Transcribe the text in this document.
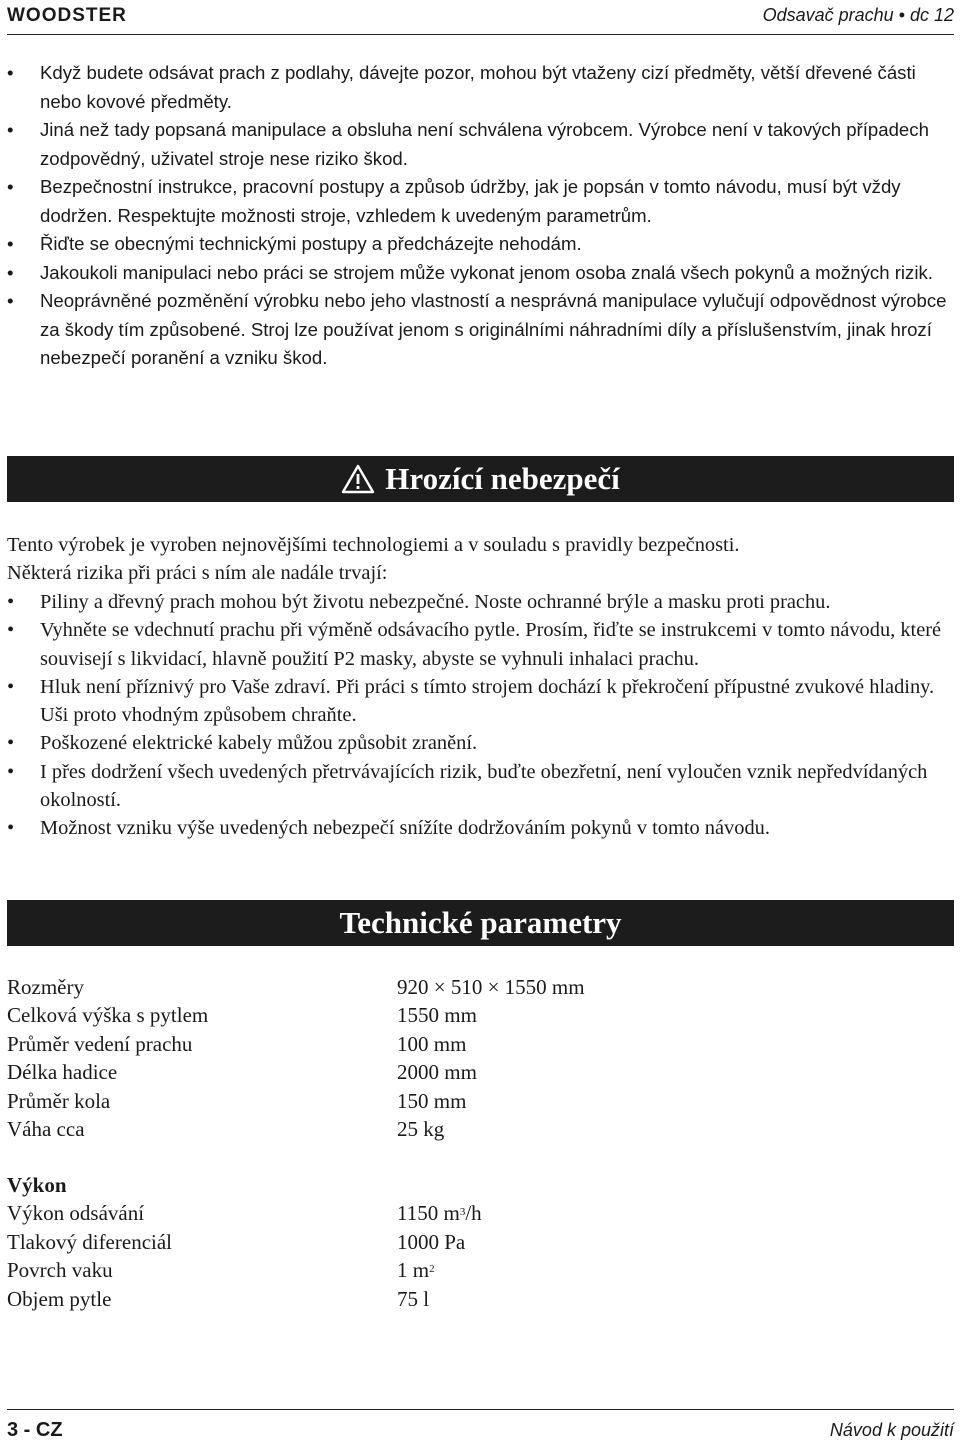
WOODSTER	Odsavač prachu • dc 12
• Když budete odsávat prach z podlahy, dávejte pozor, mohou být vtaženy cizí předměty, větší dřevené části nebo kovové předměty.
• Jiná než tady popsaná manipulace a obsluha není schválena výrobcem. Výrobce není v takových případech zodpovědný, uživatel stroje nese riziko škod.
• Bezpečnostní instrukce, pracovní postupy a způsob údržby, jak je popsán v tomto návodu, musí být vždy dodržen. Respektujte možnosti stroje, vzhledem k uvedeným parametrům.
• Řiďte se obecnými technickými postupy a předcházejte nehodám.
• Jakoukoli manipulaci nebo práci se strojem může vykonat jenom osoba znalá všech pokynů a možných rizik.
• Neoprávněné pozměnění výrobku nebo jeho vlastností a nesprávná manipulace vylučují odpovědnost výrobce za škody tím způsobené. Stroj lze používat jenom s originálními náhradními díly a příslušenstvím, jinak hrozí nebezpečí poranění a vzniku škod.
Hrozící nebezpečí
Tento výrobek je vyroben nejnovějšími technologiemi a v souladu s pravidly bezpečnosti.
Některá rizika při práci s ním ale nadále trvají:
• Piliny a dřevný prach mohou být životu nebezpečné. Noste ochranné brýle a masku proti prachu.
• Vyhněte se vdechnutí prachu při výměně odsávacího pytle. Prosím, řiďte se instrukcemi v tomto návodu, které souvisejí s likvidací, hlavně použití P2 masky, abyste se vyhnuli inhalaci prachu.
• Hluk není příznivý pro Vaše zdraví. Při práci s tímto strojem dochází k překročení přípustné zvukové hladiny. Uši proto vhodným způsobem chraňte.
• Poškozené elektrické kabely můžou způsobit zranění.
• I přes dodržení všech uvedených přetrvávajících rizik, buďte obezřetní, není vyloučen vznik nepředvídaných okolností.
• Možnost vzniku výše uvedených nebezpečí snížíte dodržováním pokynů v tomto návodu.
Technické parametry
Rozměry	920 × 510 × 1550 mm
Celková výška s pytlem	1550 mm
Průměr vedení prachu	100 mm
Délka hadice	2000 mm
Průměr kola	150 mm
Váha cca	25 kg
Výkon
Výkon odsávání	1150 $m^3/h$
Tlakový diferenciál	1000 Pa
Povrch vaku	1 $m^2$
Objem pytle	75 l
3 - CZ	Návod k použití
